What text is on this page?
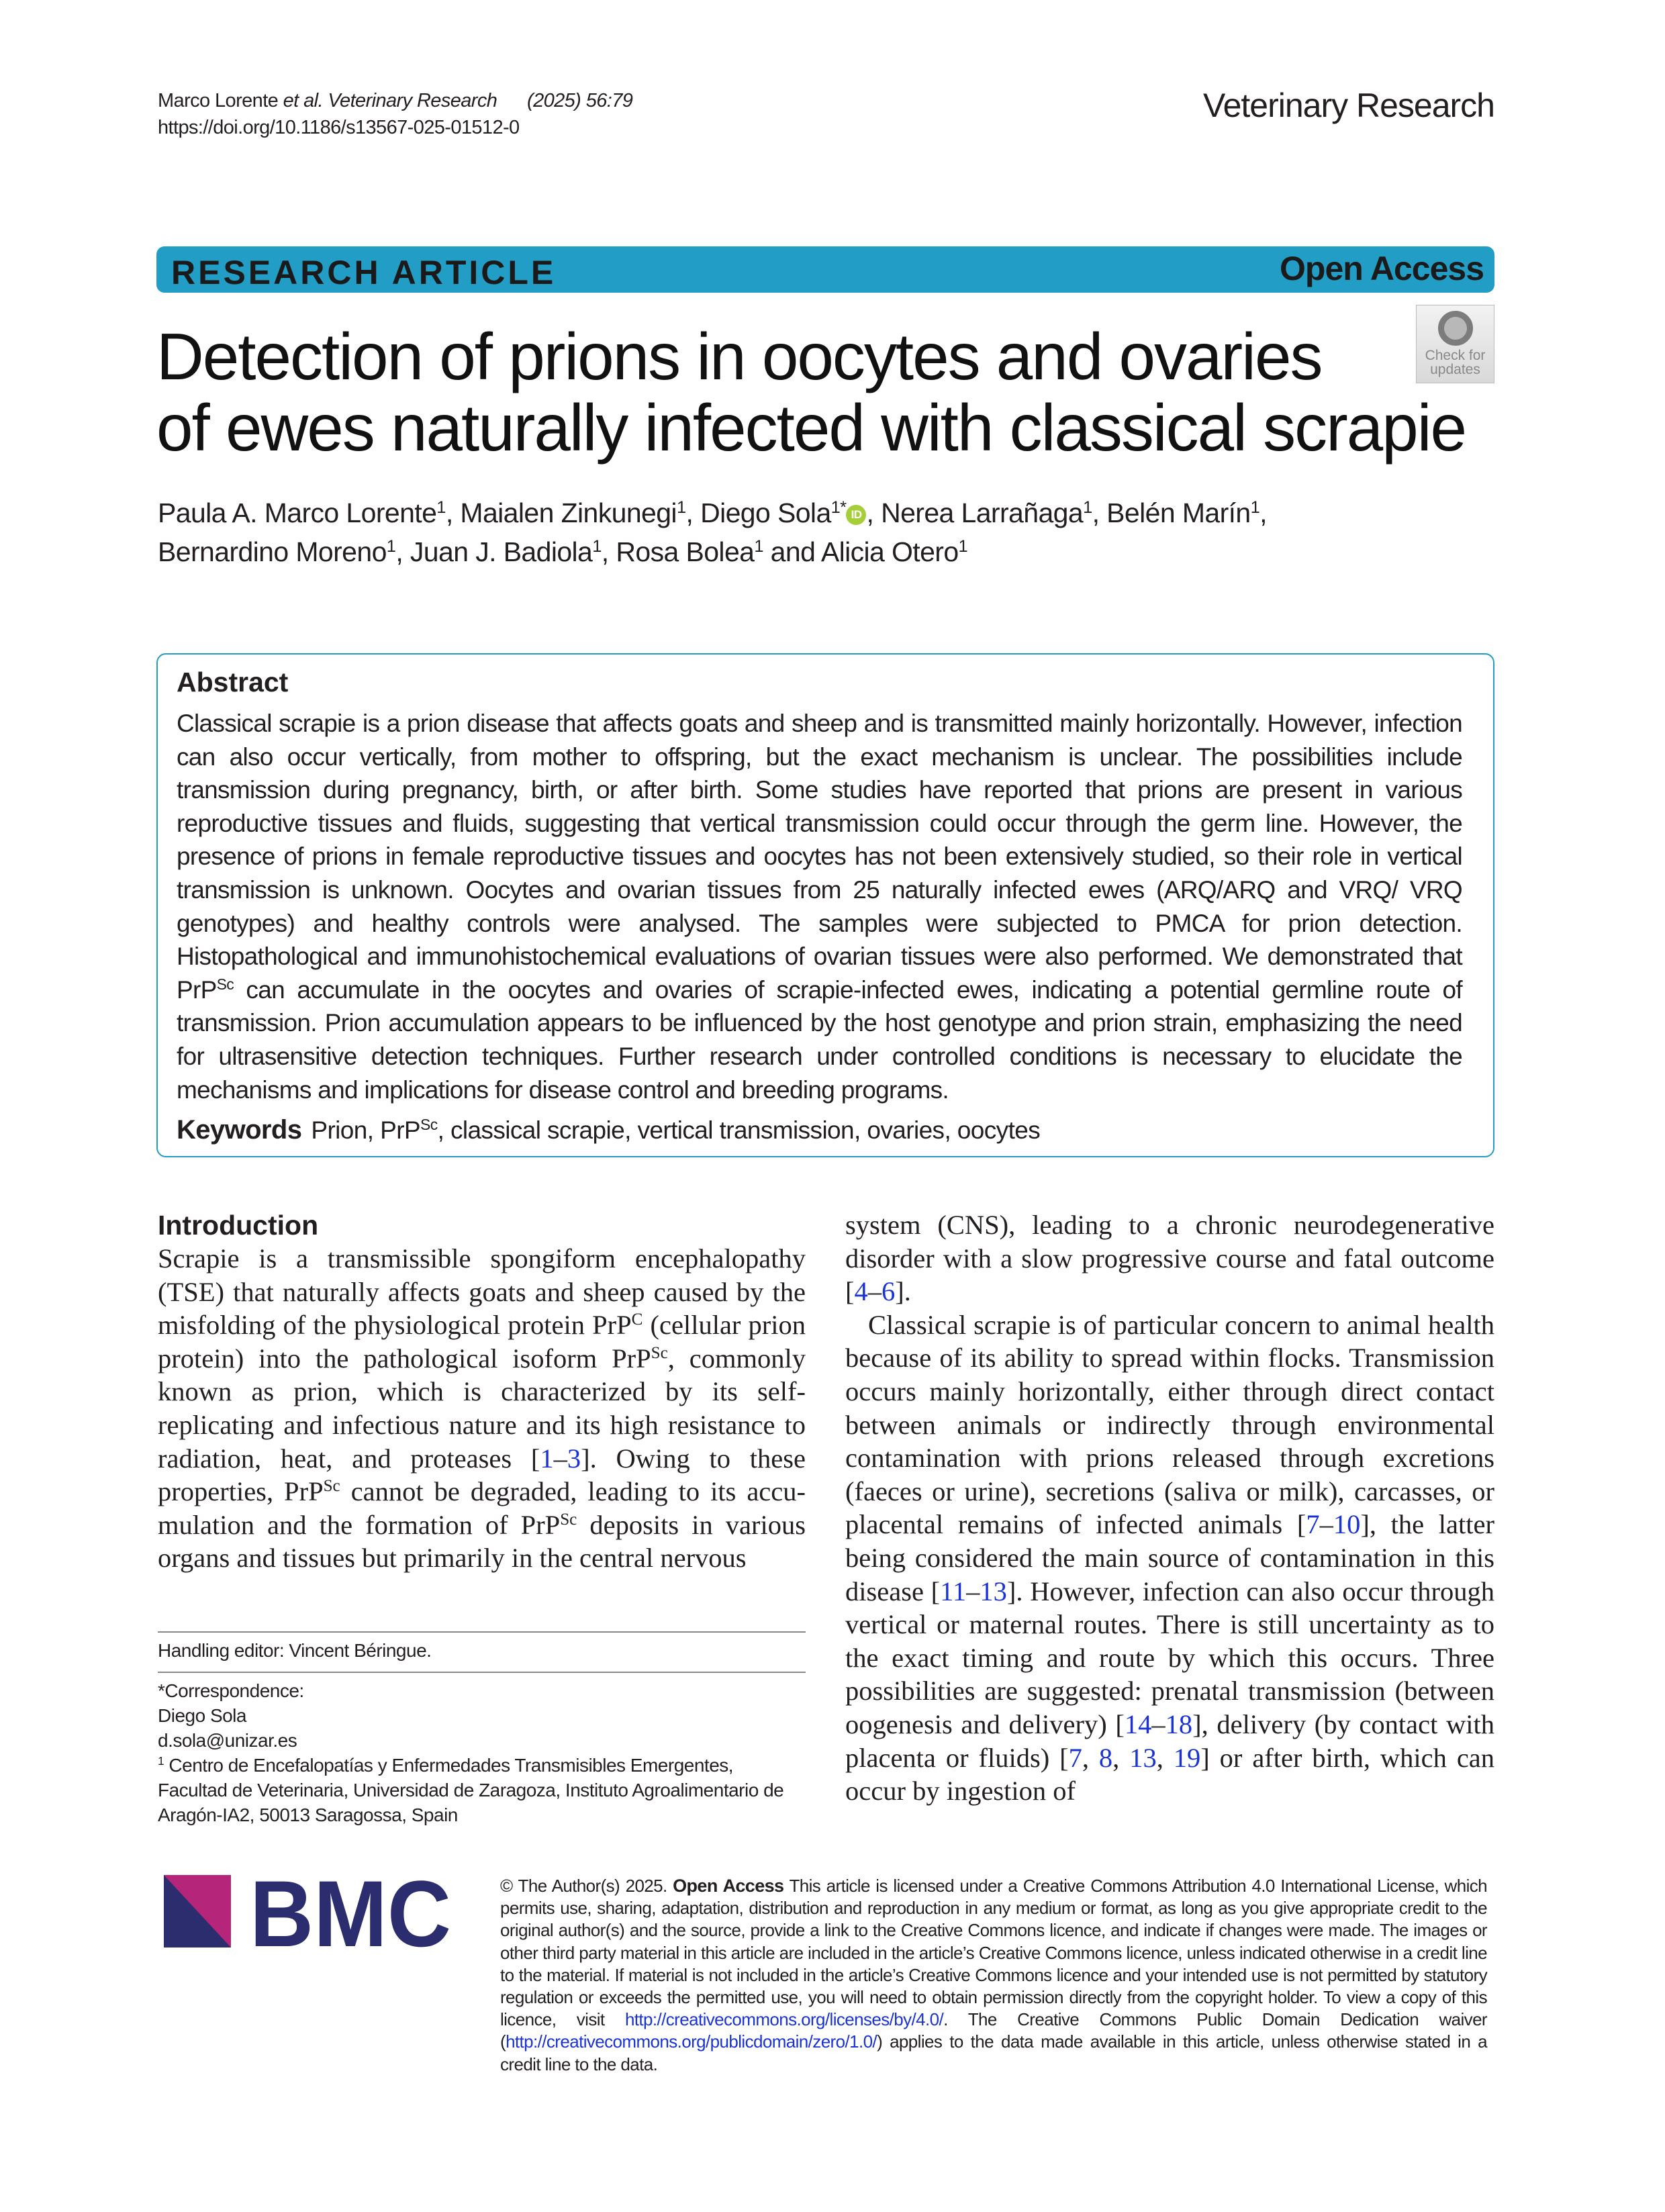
Marco Lorente et al. Veterinary Research (2025) 56:79
https://doi.org/10.1186/s13567-025-01512-0
Veterinary Research
RESEARCH ARTICLE	Open Access
Check for
updates
Detection of prions in oocytes and ovaries
of ewes naturally infected with classical scrapie
Paula A. Marco Lorente$^1$, Maialen Zinkunegi$^1$, Diego Sola$^{1*}$ ID , Nerea Larrañaga$^1$, Belén Marín$^1$,
Bernardino Moreno$^1$, Juan J. Badiola$^1$, Rosa Bolea$^1$ and Alicia Otero$^1$
Abstract
Classical scrapie is a prion disease that affects goats and sheep and is transmitted mainly horizontally. However, infection can also occur vertically, from mother to offspring, but the exact mechanism is unclear. The possibilities include transmission during pregnancy, birth, or after birth. Some studies have reported that prions are present in various reproductive tissues and fluids, suggesting that vertical transmission could occur through the germ line. However, the presence of prions in female reproductive tissues and oocytes has not been extensively studied, so their role in vertical transmission is unknown. Oocytes and ovarian tissues from 25 naturally infected ewes (ARQ/ARQ and VRQ/ VRQ genotypes) and healthy controls were analysed. The samples were subjected to PMCA for prion detection. Histopathological and immunohistochemical evaluations of ovarian tissues were also performed. We demonstrated that PrP$^{Sc}$ can accumulate in the oocytes and ovaries of scrapie-infected ewes, indicating a potential germline route of transmission. Prion accumulation appears to be influenced by the host genotype and prion strain, emphasizing the need for ultrasensitive detection techniques. Further research under controlled conditions is necessary to elucidate the mechanisms and implications for disease control and breeding programs.
Keywords Prion, PrP$^{Sc}$, classical scrapie, vertical transmission, ovaries, oocytes
Introduction

Scrapie is a transmissible spongiform encephalopathy (TSE) that naturally affects goats and sheep caused by the misfolding of the physiological protein PrP$^C$ (cellular prion protein) into the pathological isoform PrP$^{Sc}$, commonly known as prion, which is characterized by its self-replicating and infectious nature and its high resistance to radiation, heat, and proteases [1–3]. Owing to these properties, PrP$^{Sc}$ cannot be degraded, leading to its accumulation and the formation of PrP$^{Sc}$ deposits in various organs and tissues but primarily in the central nervous

system (CNS), leading to a chronic neurodegenerative disorder with a slow progressive course and fatal outcome [4–6].

Classical scrapie is of particular concern to animal health because of its ability to spread within flocks. Transmission occurs mainly horizontally, either through direct contact between animals or indirectly through environmental contamination with prions released through excretions (faeces or urine), secretions (saliva or milk), carcasses, or placental remains of infected animals [7–10], the latter being considered the main source of contamination in this disease [11–13]. However, infection can also occur through vertical or maternal routes. There is still uncertainty as to the exact timing and route by which this occurs. Three possibilities are suggested: prenatal transmission (between oogenesis and delivery) [14–18], delivery (by contact with placenta or fluids) [7, 8, 13, 19] or after birth, which can occur by ingestion of

Handling editor: Vincent Béringue.
*Correspondence:
Diego Sola
d.sola@unizar.es
$^1$ Centro de Encefalopatías y Enfermedades Transmisibles Emergentes, Facultad de Veterinaria, Universidad de Zaragoza, Instituto Agroalimentario de Aragón-IA2, 50013 Saragossa, Spain
BMC	© The Author(s) 2025. Open Access This article is licensed under a Creative Commons Attribution 4.0 International License, which permits use, sharing, adaptation, distribution and reproduction in any medium or format, as long as you give appropriate credit to the original author(s) and the source, provide a link to the Creative Commons licence, and indicate if changes were made. The images or other third party material in this article are included in the article’s Creative Commons licence, unless indicated otherwise in a credit line to the material. If material is not included in the article’s Creative Commons licence and your intended use is not permitted by statutory regulation or exceeds the permitted use, you will need to obtain permission directly from the copyright holder. To view a copy of this licence, visit http://creativecommons.org/licenses/by/4.0/. The Creative Commons Public Domain Dedication waiver (http://creativecommons.org/publicdomain/zero/1.0/) applies to the data made available in this article, unless otherwise stated in a credit line to the data.
